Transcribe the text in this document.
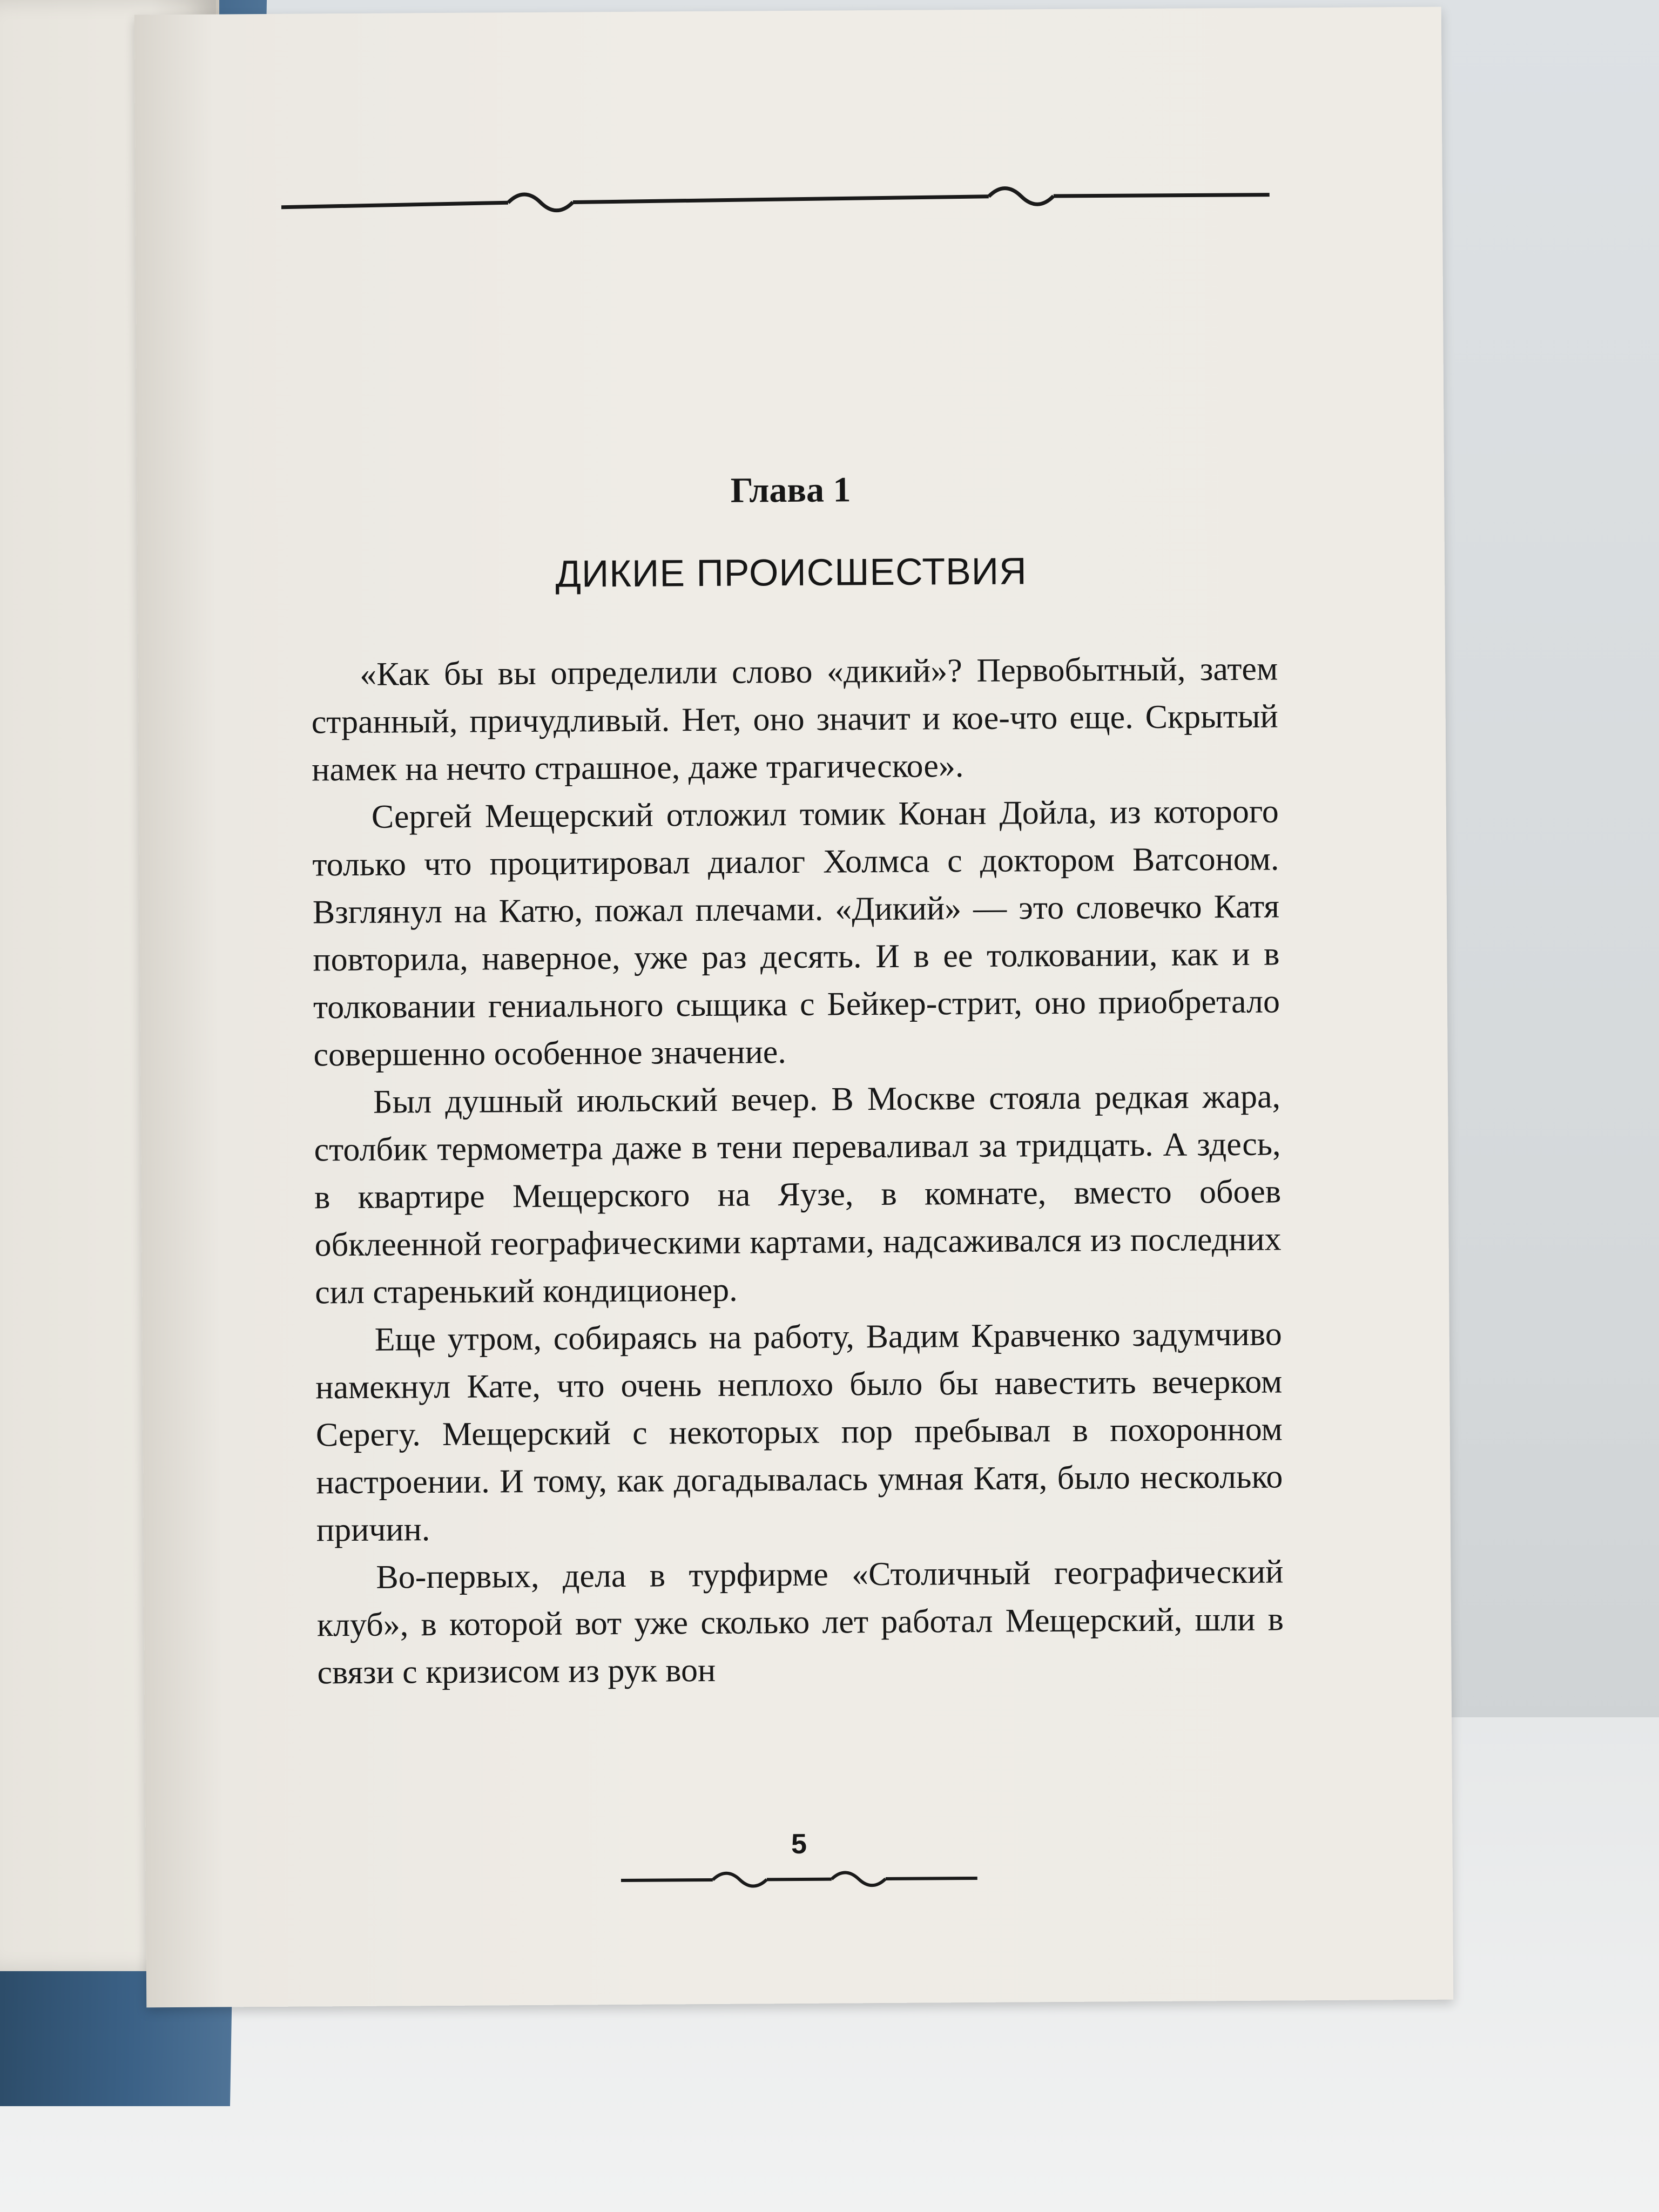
Глава 1
ДИКИЕ ПРОИСШЕСТВИЯ

«Как бы вы определили слово «дикий»? Первобытный, затем странный, причудливый. Нет, оно значит и кое-что еще. Скрытый намек на нечто страшное, даже трагическое».

Сергей Мещерский отложил томик Конан Дойла, из которого только что процитировал диалог Холмса с доктором Ватсоном. Взглянул на Катю, пожал плечами. «Дикий» — это словечко Катя повторила, наверное, уже раз десять. И в ее толковании, как и в толковании гениального сыщика с Бейкер-стрит, оно приобретало совершенно особенное значение.

Был душный июльский вечер. В Москве стояла редкая жара, столбик термометра даже в тени переваливал за тридцать. А здесь, в квартире Мещерского на Яузе, в комнате, вместо обоев обклеенной географическими картами, надсаживался из последних сил старенький кондиционер.

Еще утром, собираясь на работу, Вадим Кравченко задумчиво намекнул Кате, что очень неплохо было бы навестить вечерком Серегу. Мещерский с некоторых пор пребывал в похоронном настроении. И тому, как догадывалась умная Катя, было несколько причин.

Во-первых, дела в турфирме «Столичный географический клуб», в которой вот уже сколько лет работал Мещерский, шли в связи с кризисом из рук вон

5
